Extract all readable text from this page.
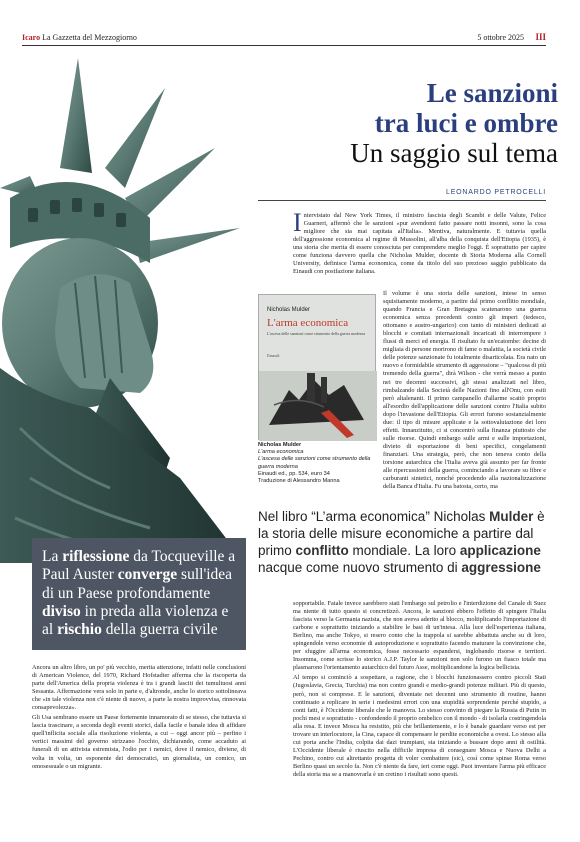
Icaro La Gazzetta del Mezzogiorno	5 ottobre 2025 III
Le sanzioni
tra luci e ombre
Un saggio sul tema
LEONARDO PETROCELLI
Intervistato dal New York Times, il ministro fascista degli Scambi e delle Valute, Felice Guarneri, affermò che le sanzioni «pur avendomi fatto passare notti insonni, sono la cosa migliore che sia mai capitata all'Italia». Mentiva, naturalmente. E tuttavia quella dell'aggressione economica al regime di Mussolini, all'alba della conquista dell'Etiopia (1935), è una storia che merita di essere conosciuta per comprendere meglio l'oggi. È soprattutto per capire come funziona davvero quella che Nicholas Mulder, docente di Storia Moderna alla Cornell University, definisce l'arma economica, come da titolo del suo prezioso saggio pubblicato da Einaudi con postfazione italiana.
Nicholas Mulder
L'arma economica
L'ascesa delle sanzioni come strumento della guerra moderna
Einaudi
Nicholas Mulder
L'arma economica
L'ascesa delle sanzioni come strumento della guerra moderna
Einaudi ed., pp. 534, euro 34
Traduzione di Alessandro Manna

Il volume è una storia delle sanzioni, intese in senso squisitamente moderno, a partire dal primo conflitto mondiale, quando Francia e Gran Bretagna scatenarono una guerra economica senza precedenti contro gli imperi (tedesco, ottomano e austro-ungarico) con tanto di ministeri dedicati ai blocchi e comitati internazionali incaricati di interrompere i flussi di merci ed energia. Il risultato fu un'ecatombe: decine di migliaia di persone morirono di fame o malattia, la società civile delle potenze sanzionate fu totalmente disarticolata. Era nato un nuovo e formidabile strumento di aggressione – "qualcosa di più tremendo della guerra", dirà Wilson - che verrà messo a punto nei tre decenni successivi, gli stessi analizzati nel libro, rimbalzando dalla Società delle Nazioni fino all'Onu, con esiti però altalenanti. Il primo campanello d'allarme scattò proprio all'esordio dell'applicazione delle sanzioni contro l'Italia subito dopo l'invasione dell'Etiopia. Gli errori furono sostanzialmente due: il tipo di misure applicate e la sottovalutazione dei loro effetti. Innanzitutto, ci si concentrò sulla finanza piuttosto che sulle risorse. Quindi embargo sulle armi e sulle importazioni, divieto di esportazione di beni specifici, congelamenti finanziari. Una strategia, però, che non teneva conto della torsione autarchica che l'Italia aveva già assunto per far fronte alle ripercussioni della guerra, cominciando a lavorare su fibre e carburanti sintetici, nonché procedendo alla nazionalizzazione della Banca d'Italia. Fu una batosta, certo, ma

Nel libro “L’arma economica” Nicholas Mulder è la storia delle misure economiche a partire dal primo conflitto mondiale. La loro applicazione nacque come nuovo strumento di aggressione
La riflessione da Tocqueville a Paul Auster converge sull'idea di un Paese profondamente diviso in preda alla violenza e al rischio della guerra civile

Ancora un altro libro, un po' più vecchio, merita attenzione, infatti nelle conclusioni di American Violence, del 1970, Richard Hofstadter afferma che la riscoperta da parte dell'America della propria violenza è tra i grandi lasciti dei tumultuosi anni Sessanta. Affermazione vera solo in parte e, d'altronde, anche lo storico sottolineava che «in tale violenza non c'è niente di nuovo, a parte la nostra improvvisa, rinnovata consapevolezza».

Gli Usa sembrano essere un Paese fortemente innamorato di se stesso, che tuttavia si lascia trascinare, a seconda degli eventi storici, dalla facile e banale idea di affidare quell'inflicita sociale alla risoluzione violenta, a cui – oggi ancor più – perfino i vertici massimi del governo strizzano l'occhio, dichiarando, come accaduto ai funerali di un attivista estremista, l'odio per i nemici, dove il nemico, diviene, di volta in volta, un esponente dei democratici, un giornalista, un comico, un omosessuale o un migrante.

sopportabile. Fatale invece sarebbero stati l'embargo sul petrolio e l'interdizione del Canale di Suez ma niente di tutto questo si concretizzò. Ancora, le sanzioni ebbero l'effetto di spingere l'Italia fascista verso la Germania nazista, che non aveva aderito al blocco, moltiplicando l'importazione di carbone e soprattutto iniziando a stabilire le basi di un'intesa. Alla luce dell'esperienza italiana, Berlino, ma anche Tokyo, si resero conto che la trappola si sarebbe abbattuta anche su di loro, spingendole verso economie di autoproduzione e soprattutto facendo maturare la convinzione che, per sfuggire all'arma economica, fosse necessario espandersi, inglobando risorse e territori. Insomma, come scrisse lo storico A.J.P. Taylor le sanzioni non solo furono un fiasco totale ma plasmarono l'orientamento autarchico del futuro Asse, moltiplicandone la logica bellicista.

Al tempo si cominciò a sospettare, a ragione, che i blocchi funzionassero contro piccoli Stati (Jugoslavia, Grecia, Turchia) ma non contro grandi e medio-grandi potenze militari. Più di questo, però, non si comprese. E le sanzioni, diventate nei decenni uno strumento di routine, hanno continuato a replicare in serie i medesimi errori con una stupidità sorprendente perché stupido, a conti fatti, è l'Occidente liberale che le manovra. Lo stesso convinto di piegare la Russia di Putin in pochi mesi e soprattutto - confondendo il proprio ombelico con il mondo - di isolarla costringendola alla resa. E invece Mosca ha resistito, più che brillantemente, e lo è banale guardare verso est per trovare un interlocutore, la Cina, capace di compensare le perdite economiche a ovest. Lo stesso alla cui porta anche l'India, colpita dai dazi trumpiani, sta iniziando a bussare dopo anni di ostilità. L'Occidente liberale è riuscito nella difficile impresa di consegnare Mosca e Nuova Delhi a Pechino, contro cui altrettanto progetta di voler combattere (sic), così come spinse Roma verso Berlino quasi un secolo fa. Non c'è niente da fare, ieri come oggi. Puoi inventare l'arma più efficace della storia ma se a manovrarla è un cretino i risultati sono questi.
